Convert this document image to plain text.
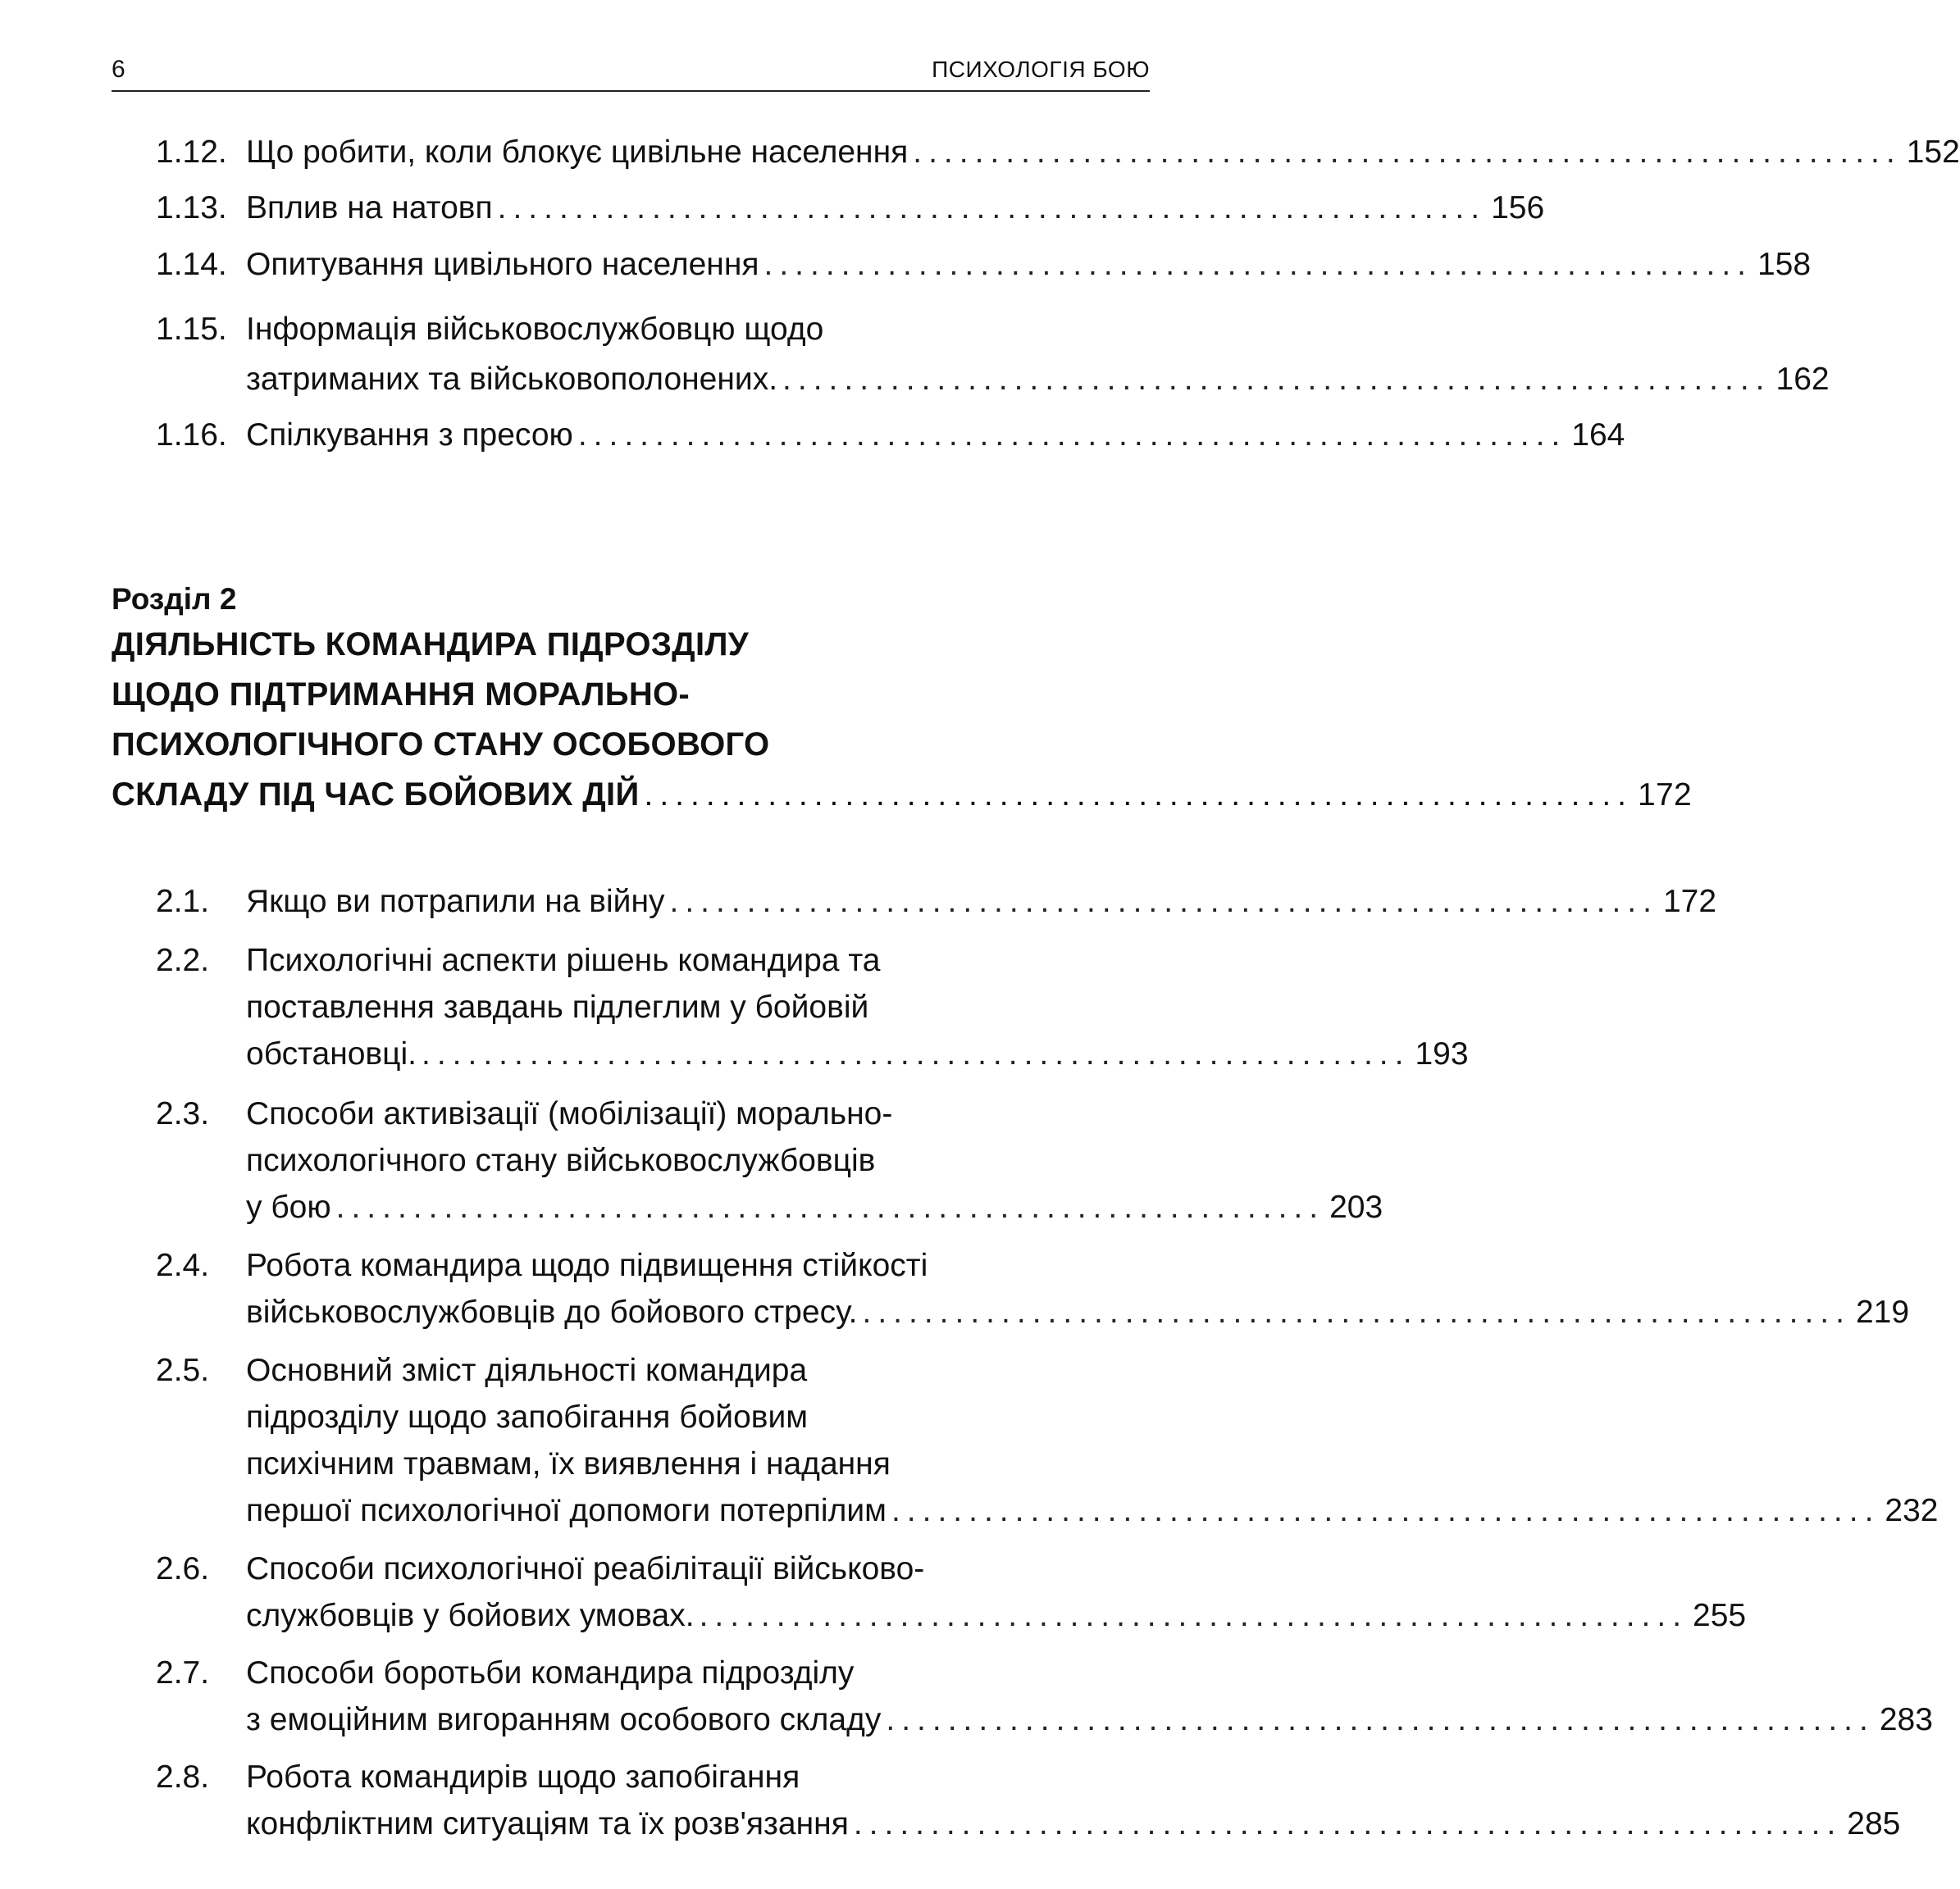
6	ПСИХОЛОГІЯ БОЮ
1.12. Що робити, коли блокує цивільне населення ................................................................ 152
1.13. Вплив на натовп ................................................................ 156
1.14. Опитування цивільного населення ................................................................ 158
1.15. Інформація військовослужбовцю щодо
затриманих та військовополонених. ................................................................ 162
1.16. Спілкування з пресою ................................................................ 164
Розділ 2
ДІЯЛЬНІСТЬ КОМАНДИРА ПІДРОЗДІЛУ
ЩОДО ПІДТРИМАННЯ МОРАЛЬНО-
ПСИХОЛОГІЧНОГО СТАНУ ОСОБОВОГО
СКЛАДУ ПІД ЧАС БОЙОВИХ ДІЙ ................................................................ 172
2.1. Якщо ви потрапили на війну ................................................................ 172
2.2. Психологічні аспекти рішень командира та
поставлення завдань підлеглим у бойовій
обстановці. ................................................................ 193
2.3. Способи активізації (мобілізації) морально-
психологічного стану військовослужбовців
у бою ................................................................ 203
2.4. Робота командира щодо підвищення стійкості
військовослужбовців до бойового стресу. ................................................................ 219
2.5. Основний зміст діяльності командира
підрозділу щодо запобігання бойовим
психічним травмам, їх виявлення і надання
першої психологічної допомоги потерпілим ................................................................ 232
2.6. Способи психологічної реабілітації військово-
службовців у бойових умовах. ................................................................ 255
2.7. Способи боротьби командира підрозділу
з емоційним вигоранням особового складу ................................................................ 283
2.8. Робота командирів щодо запобігання
конфліктним ситуаціям та їх розв'язання ................................................................ 285
